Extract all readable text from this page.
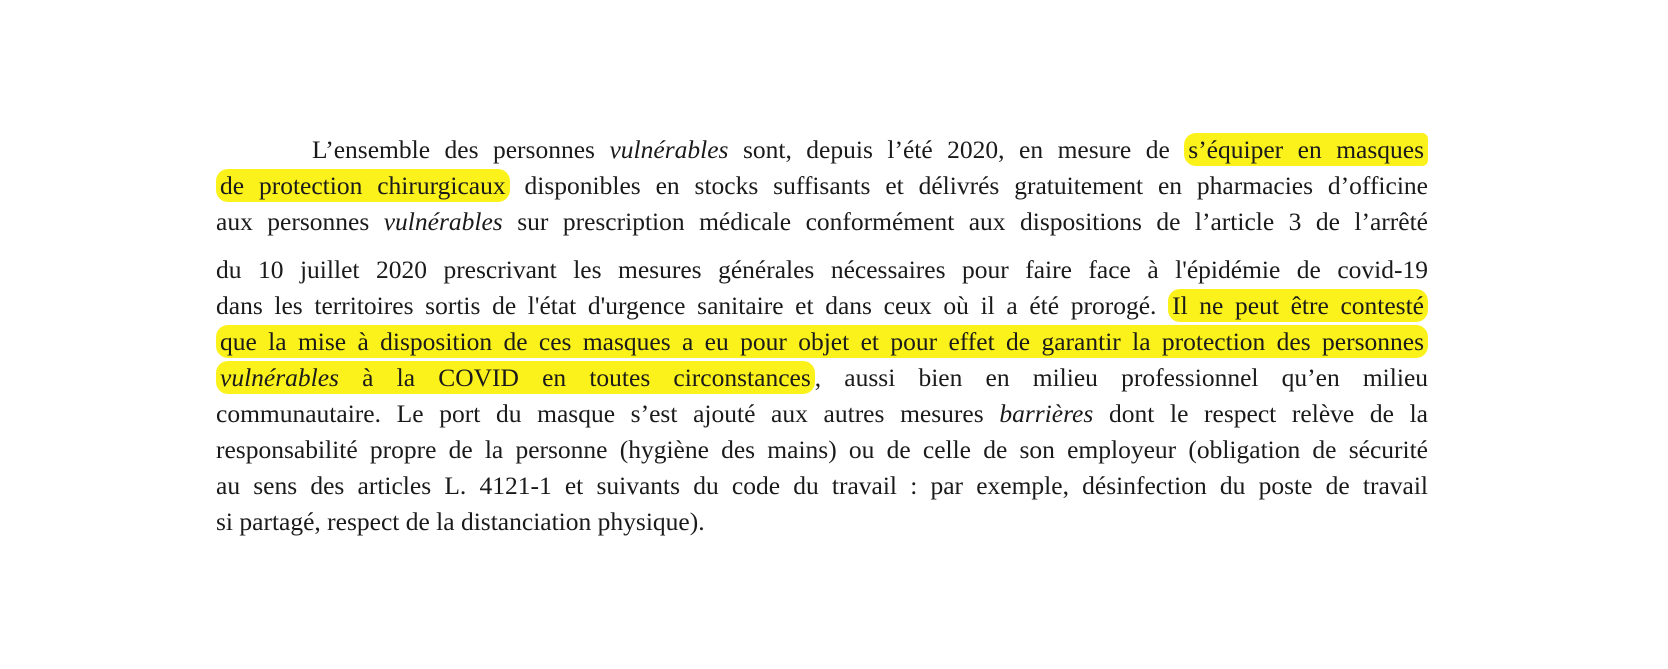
L’ensemble des personnes vulnérables sont, depuis l’été 2020, en mesure de s’équiper en masques
de protection chirurgicaux disponibles en stocks suffisants et délivrés gratuitement en pharmacies d’officine
aux personnes vulnérables sur prescription médicale conformément aux dispositions de l’article 3 de l’arrêté
du 10 juillet 2020 prescrivant les mesures générales nécessaires pour faire face à l'épidémie de covid-19
dans les territoires sortis de l'état d'urgence sanitaire et dans ceux où il a été prorogé. Il ne peut être contesté
que la mise à disposition de ces masques a eu pour objet et pour effet de garantir la protection des personnes
vulnérables à la COVID en toutes circonstances , aussi bien en milieu professionnel qu’en milieu
communautaire. Le port du masque s’est ajouté aux autres mesures barrières dont le respect relève de la
responsabilité propre de la personne (hygiène des mains) ou de celle de son employeur (obligation de sécurité
au sens des articles L. 4121-1 et suivants du code du travail : par exemple, désinfection du poste de travail
si partagé, respect de la distanciation physique).
